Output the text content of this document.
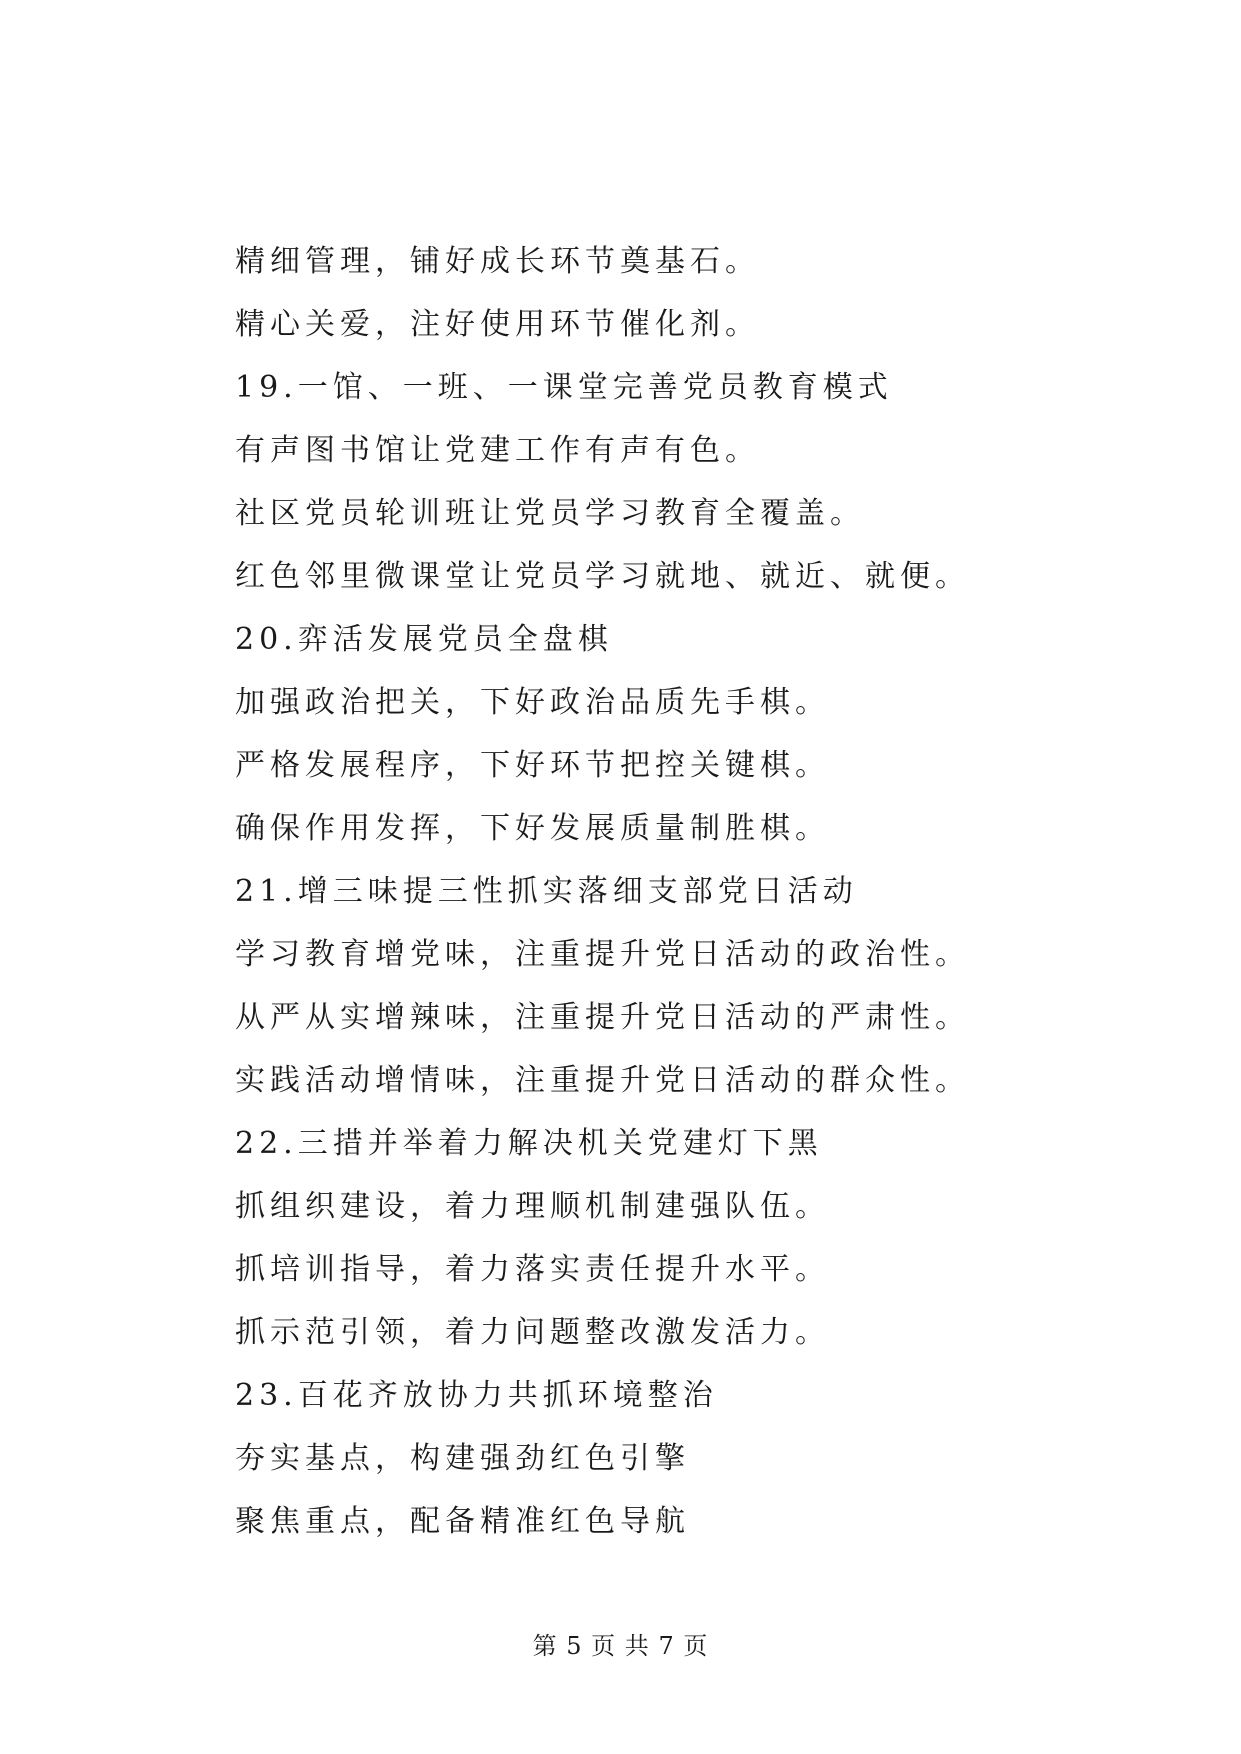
精细管理，铺好成长环节奠基石。

精心关爱，注好使用环节催化剂。

19.一馆、一班、一课堂完善党员教育模式

有声图书馆让党建工作有声有色。

社区党员轮训班让党员学习教育全覆盖。

红色邻里微课堂让党员学习就地、就近、就便。

20.弈活发展党员全盘棋

加强政治把关，下好政治品质先手棋。

严格发展程序，下好环节把控关键棋。

确保作用发挥，下好发展质量制胜棋。

21.增三味提三性抓实落细支部党日活动

学习教育增党味，注重提升党日活动的政治性。

从严从实增辣味，注重提升党日活动的严肃性。

实践活动增情味，注重提升党日活动的群众性。

22.三措并举着力解决机关党建灯下黑

抓组织建设，着力理顺机制建强队伍。

抓培训指导，着力落实责任提升水平。

抓示范引领，着力问题整改激发活力。

23.百花齐放协力共抓环境整治

夯实基点，构建强劲红色引擎

聚焦重点，配备精准红色导航

第 5 页 共 7 页
